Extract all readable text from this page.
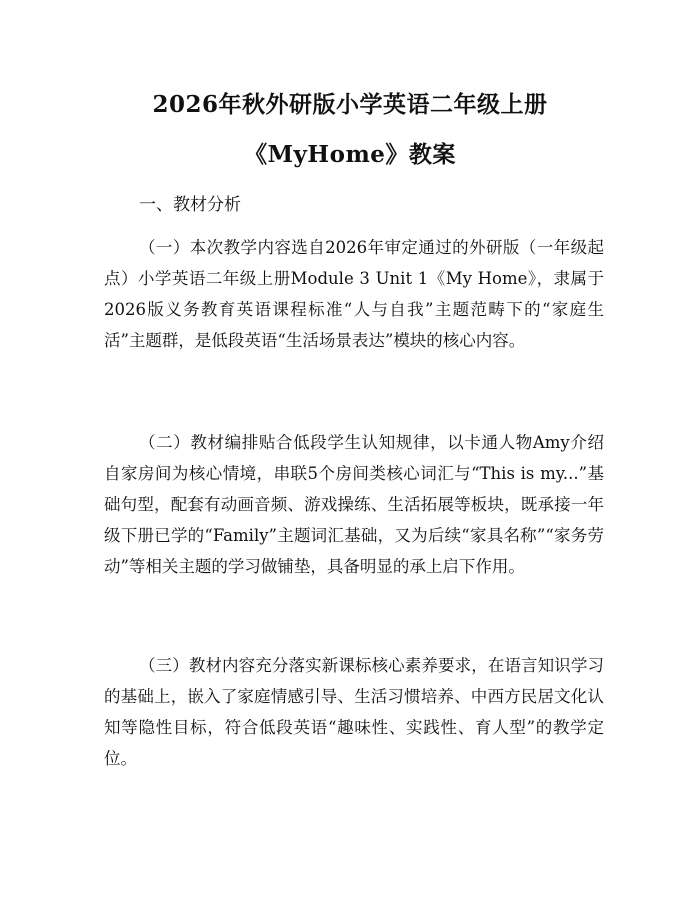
2026年秋外研版小学英语二年级上册
《MyHome》教案
一、教材分析

（一）本次教学内容选自2026年审定通过的外研版（一年级起点）小学英语二年级上册Module 3 Unit 1《My Home》，隶属于2026版义务教育英语课程标准“人与自我”主题范畴下的“家庭生活”主题群，是低段英语“生活场景表达”模块的核心内容。

（二）教材编排贴合低段学生认知规律，以卡通人物Amy介绍自家房间为核心情境，串联5个房间类核心词汇与“This is my...”基础句型，配套有动画音频、游戏操练、生活拓展等板块，既承接一年级下册已学的“Family”主题词汇基础，又为后续“家具名称”“家务劳动”等相关主题的学习做铺垫，具备明显的承上启下作用。

（三）教材内容充分落实新课标核心素养要求，在语言知识学习的基础上，嵌入了家庭情感引导、生活习惯培养、中西方民居文化认知等隐性目标，符合低段英语“趣味性、实践性、育人型”的教学定位。
